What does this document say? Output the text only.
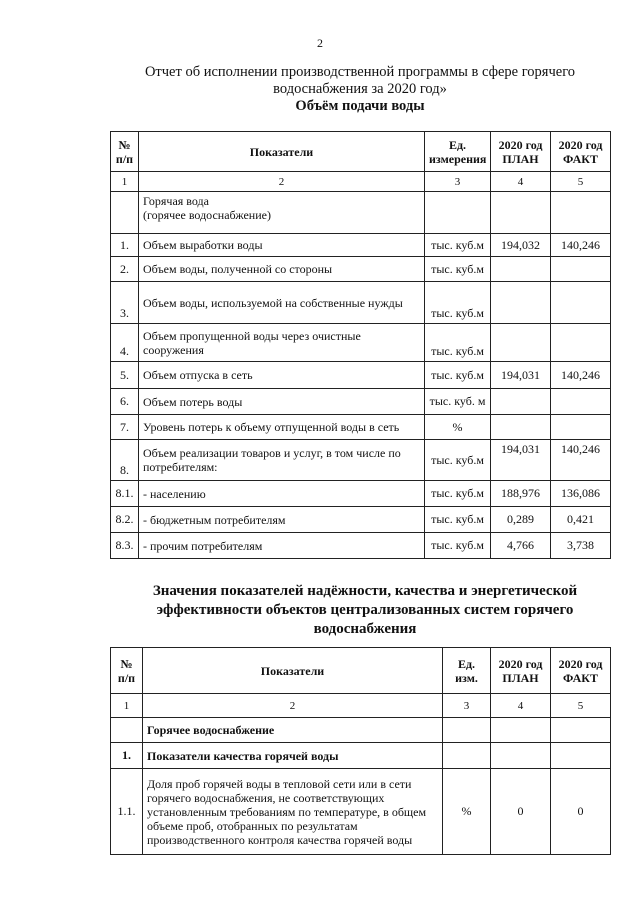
2
Отчет об исполнении производственной программы в сфере горячего
водоснабжения за 2020 год»
Объём подачи воды
№ п/п	Показатели	Ед. измерения	2020 год ПЛАН	2020 год ФАКТ
1	2	3	4	5
	Горячая вода
(горячее водоснабжение)			
1.	Объем выработки воды	тыс. куб.м	194,032	140,246
2.	Объем воды, полученной со стороны	тыс. куб.м		
3.	Объем воды, используемой на собственные нужды	тыс. куб.м		
4.	Объем пропущенной воды через очистные сооружения	тыс. куб.м		
5.	Объем отпуска в сеть	тыс. куб.м	194,031	140,246
6.	Объем потерь воды	тыс. куб. м		
7.	Уровень потерь к объему отпущенной воды в сеть	%		
8.	Объем реализации товаров и услуг, в том числе по потребителям:	тыс. куб.м	194,031	140,246
8.1.	- населению	тыс. куб.м	188,976	136,086
8.2.	- бюджетным потребителям	тыс. куб.м	0,289	0,421
8.3.	- прочим потребителям	тыс. куб.м	4,766	3,738
Значения показателей надёжности, качества и энергетической
эффективности объектов централизованных систем горячего
водоснабжения
№ п/п	Показатели	Ед. изм.	2020 год ПЛАН	2020 год ФАКТ
1	2	3	4	5
	Горячее водоснабжение			
1.	Показатели качества горячей воды			
1.1.	Доля проб горячей воды в тепловой сети или в сети горячего водоснабжения, не соответствующих установленным требованиям по температуре, в общем объеме проб, отобранных по результатам производственного контроля качества горячей воды	%	0	0
